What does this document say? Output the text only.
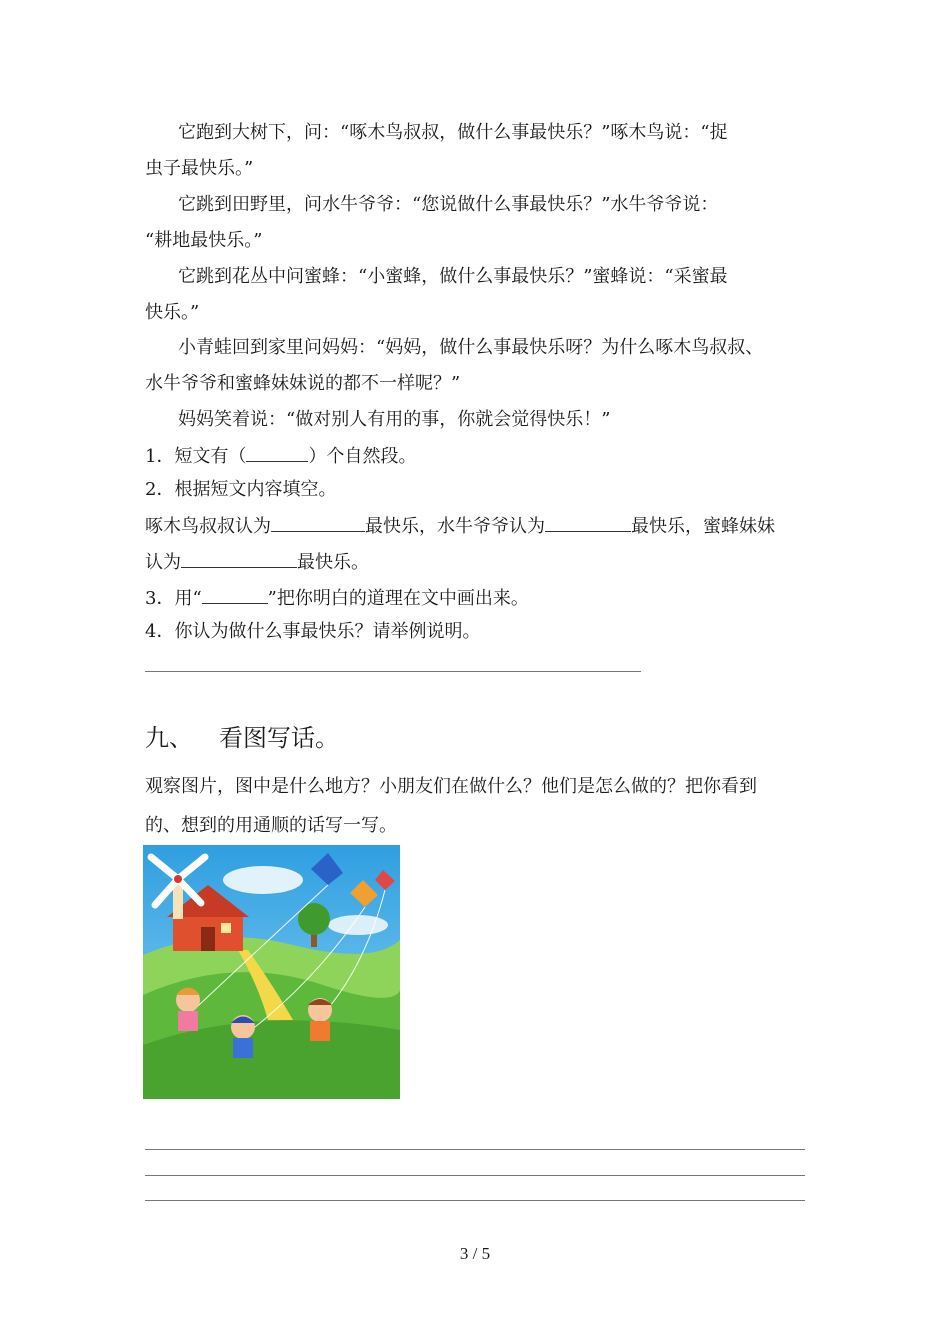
它跑到大树下，问：“啄木鸟叔叔，做什么事最快乐？”啄木鸟说：“捉
虫子最快乐。”
它跳到田野里，问水牛爷爷：“您说做什么事最快乐？”水牛爷爷说：
“耕地最快乐。”
它跳到花丛中问蜜蜂：“小蜜蜂，做什么事最快乐？”蜜蜂说：“采蜜最
快乐。”
小青蛙回到家里问妈妈：“妈妈，做什么事最快乐呀？为什么啄木鸟叔叔、
水牛爷爷和蜜蜂妹妹说的都不一样呢？”
妈妈笑着说：“做对别人有用的事，你就会觉得快乐！”
1．短文有（	）个自然段。
2．根据短文内容填空。
啄木鸟叔叔认为	最快乐，水牛爷爷认为	最快乐，蜜蜂妹妹
认为	最快乐。
3．用“	”把你明白的道理在文中画出来。
4．你认为做什么事最快乐？请举例说明。
九、 看图写话。
观察图片，图中是什么地方？小朋友们在做什么？他们是怎么做的？把你看到
的、想到的用通顺的话写一写。
3 / 5
